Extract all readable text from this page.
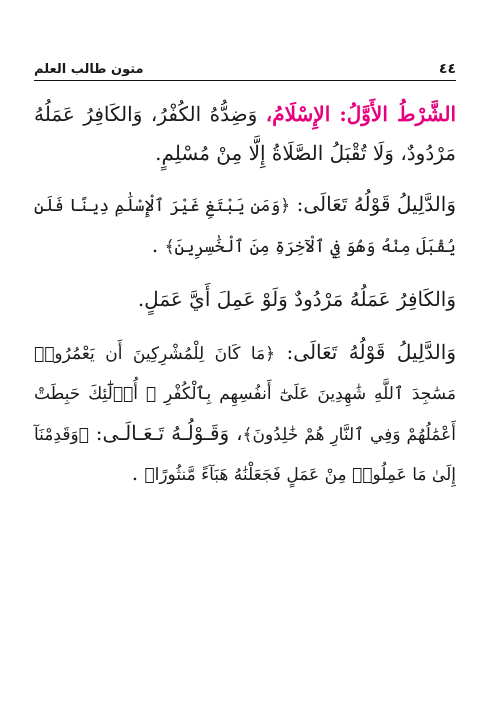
متون طالب العلم	٤٤

الشَّرْطُ الأَوَّلُ: الإِسْلَامُ، وَضِدُّهُ الكُفْرُ، وَالكَافِرُ عَمَلُهُ مَرْدُودٌ، وَلَا تُقْبَلُ الصَّلَاةُ إِلَّا مِنْ مُسْلِمٍ.

وَالدَّلِيلُ قَوْلُهُ تَعَالَى: ﴿وَمَن يَبْتَغِ غَيْرَ ٱلْإِسْلَٰمِ دِينًا فَلَن يُقْبَلَ مِنْهُ وَهُوَ فِي ٱلْآخِرَةِ مِنَ ٱلْخَٰسِرِينَ﴾ .

وَالكَافِرُ عَمَلُهُ مَرْدُودٌ وَلَوْ عَمِلَ أَيَّ عَمَلٍ.

وَالدَّلِيلُ قَوْلُهُ تَعَالَى: ﴿مَا كَانَ لِلْمُشْرِكِينَ أَن يَعْمُرُوا۟ مَسَٰجِدَ ٱللَّهِ شَٰهِدِينَ عَلَىٰٓ أَنفُسِهِم بِٱلْكُفْرِ ۚ أُو۟لَٰٓئِكَ حَبِطَتْ أَعْمَٰلُهُمْ وَفِي ٱلنَّارِ هُمْ خَٰلِدُونَ﴾، وَقَـوْلُـهُ تَـعَـالَـى: ﴿وَقَدِمْنَآ إِلَىٰ مَا عَمِلُوا۟ مِنْ عَمَلٍ فَجَعَلْنَٰهُ هَبَآءً مَّنثُورًا﴾ .
